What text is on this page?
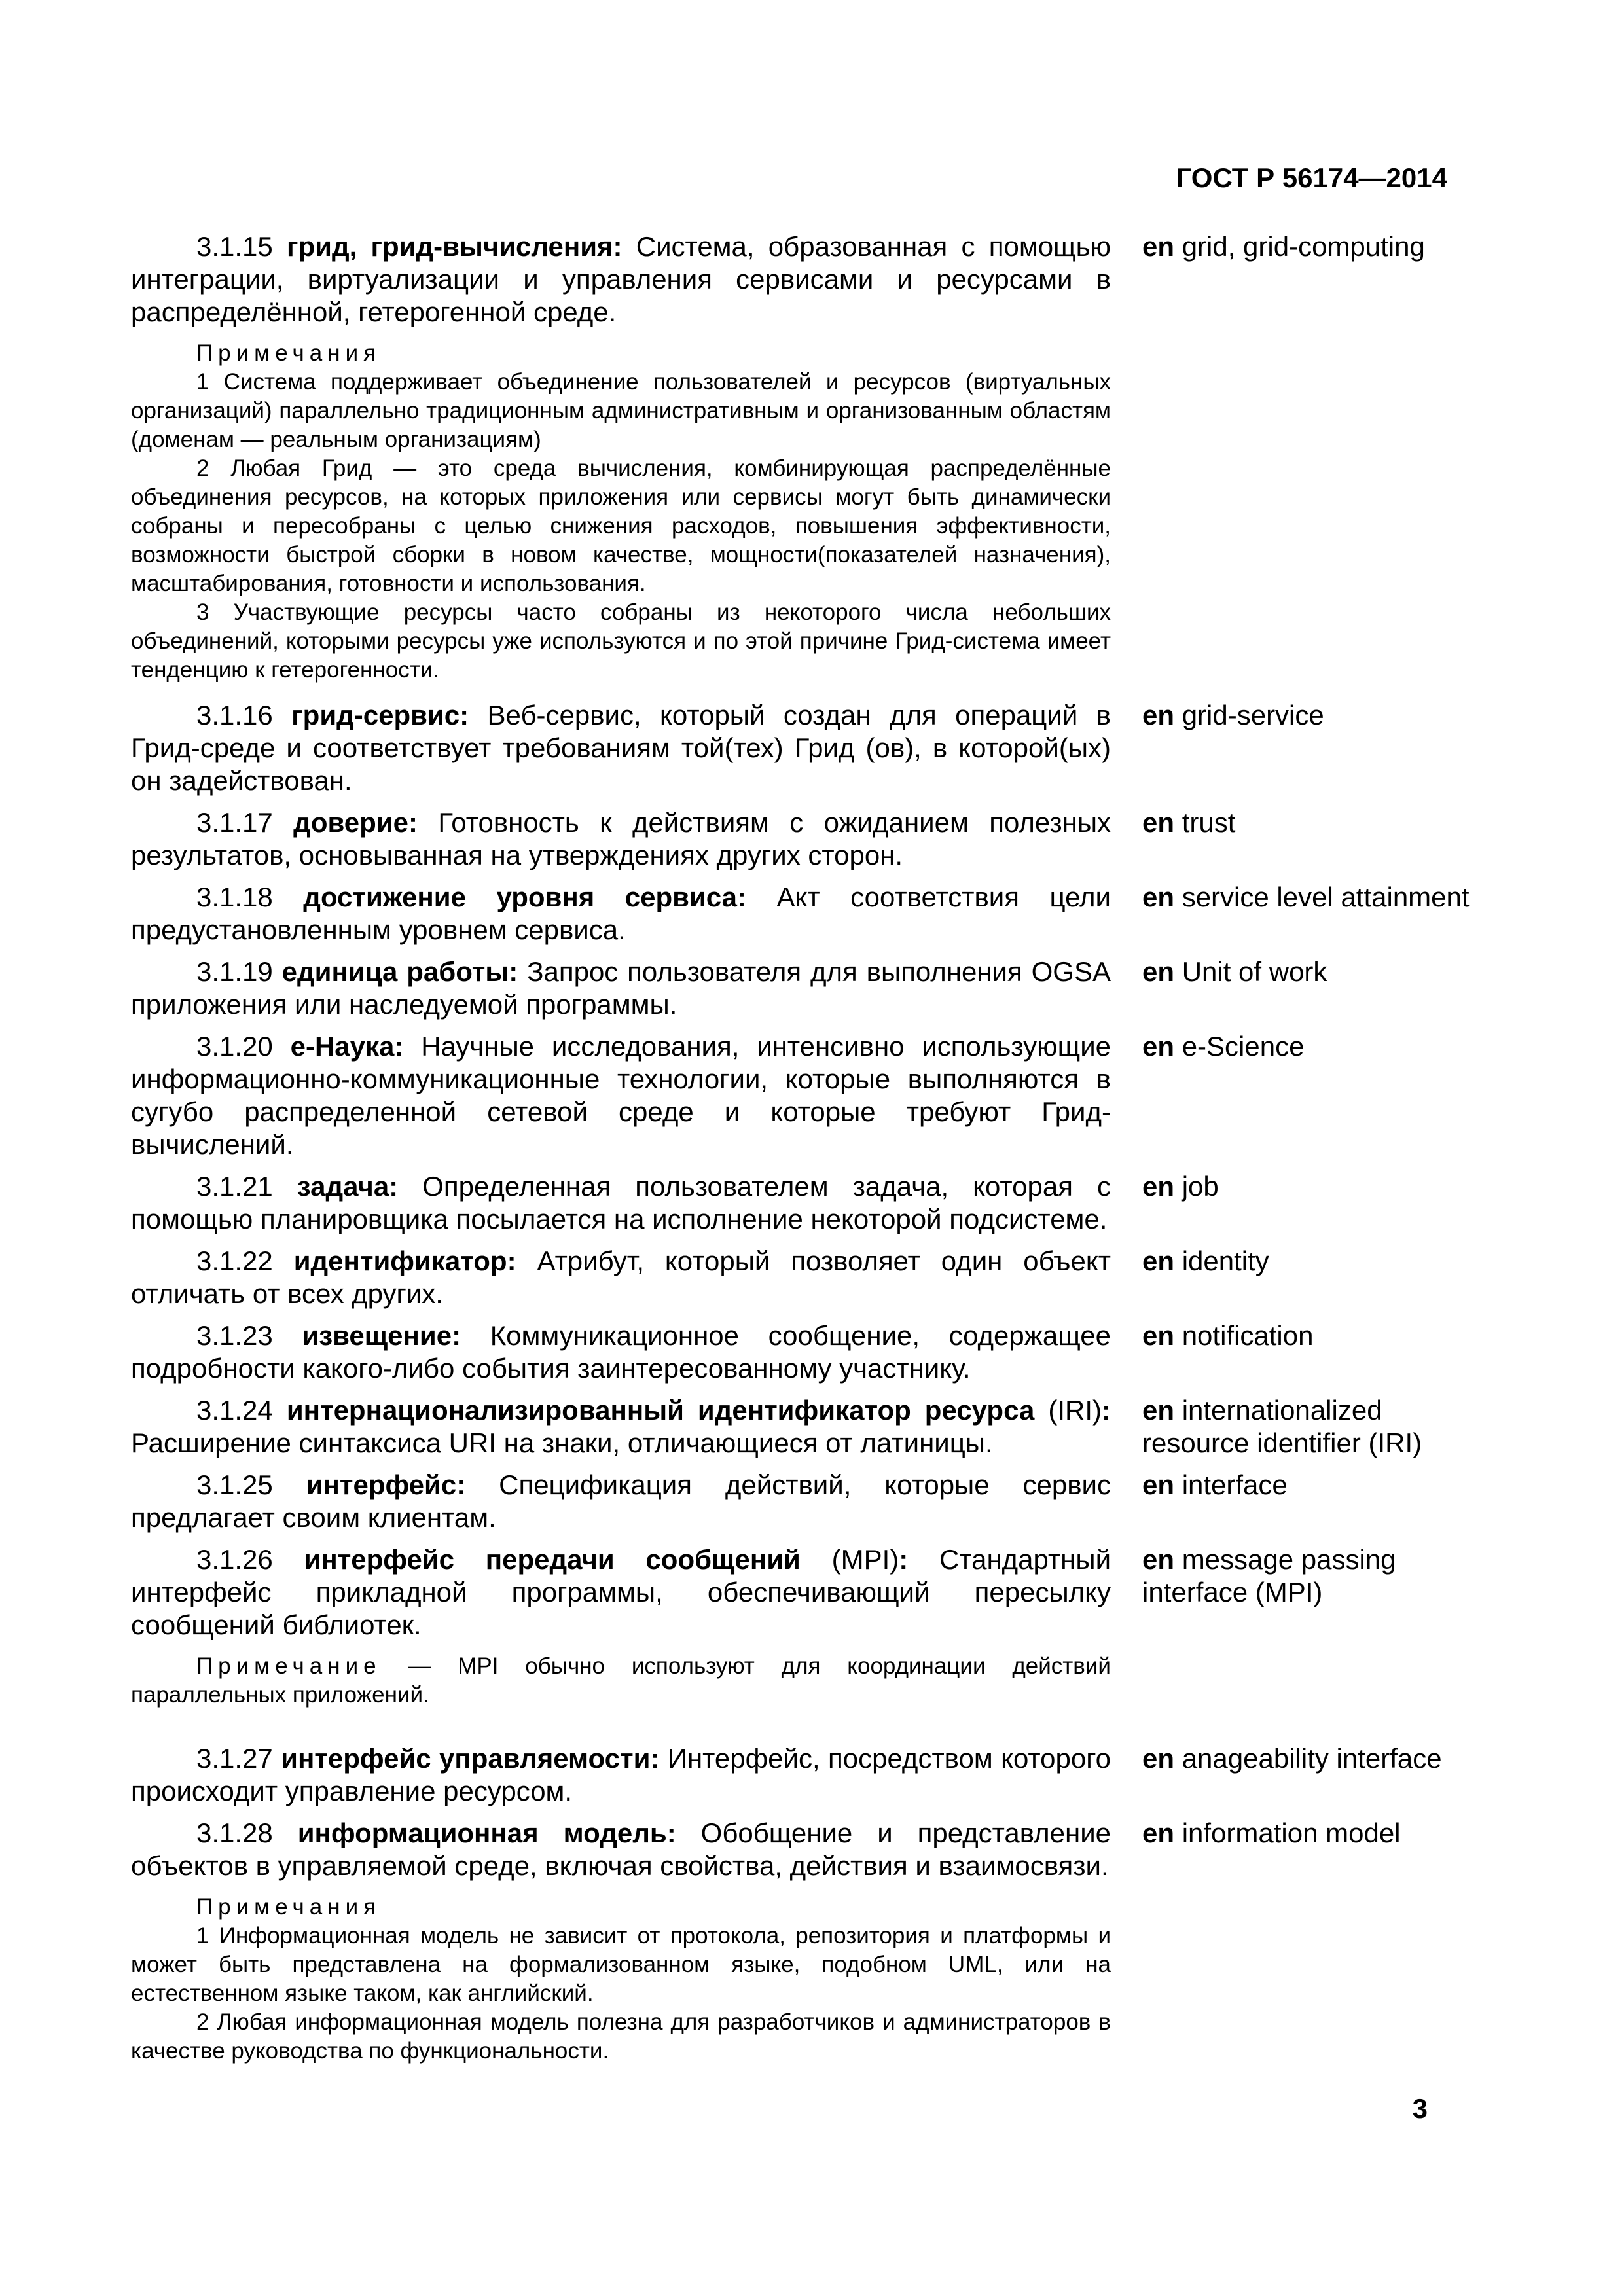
ГОСТ Р 56174—2014
3.1.15 грид, грид-вычисления: Система, образованная с помощью интеграции, виртуализации и управления сервисами и ресурсами в распределённой, гетерогенной среде.
en grid, grid-computing

Примечания

1 Система поддерживает объединение пользователей и ресурсов (виртуальных организаций) параллельно традиционным административным и организованным областям (доменам — реальным организациям)

2 Любая Грид — это среда вычисления, комбинирующая распределённые объединения ресурсов, на которых приложения или сервисы могут быть динамически собраны и пересобраны с целью снижения расходов, повышения эффективности, возможности быстрой сборки в новом качестве, мощности(показателей назначения), масштабирования, готовности и использования.

3 Участвующие ресурсы часто собраны из некоторого числа небольших объединений, которыми ресурсы уже используются и по этой причине Грид-система имеет тенденцию к гетерогенности.

3.1.16 грид-сервис: Веб-сервис, который создан для операций в Грид-среде и соответствует требованиям той(тех) Грид (ов), в которой(ых) он задействован.
en grid-service
3.1.17 доверие: Готовность к действиям с ожиданием полезных результатов, основываннaя на утверждениях других сторон.
en trust
3.1.18 достижение уровня сервиса: Акт соответствия цели предустановленным уровнем сервиса.
en service level attainment
3.1.19 единица работы: Запрос пользователя для выполнения OGSA приложения или наследуемой программы.
en Unit of work
3.1.20 e-Наука: Научные исследования, интенсивно использующие информационно-коммуникационные технологии, которые выполняются в сугубо распределенной сетевой среде и которые требуют Грид-вычислений.
en e-Science
3.1.21 задача: Определенная пользователем задача, которая с помощью планировщика посылается на исполнение некоторой подсистеме.
en job
3.1.22 идентификатор: Атрибут, который позволяет один объект отличать от всех других.
en identity
3.1.23 извещение: Коммуникационное сообщение, содержащее подробности какого-либо события заинтересованному участнику.
en notification
3.1.24 интернационализированный идентификатор ресурса (IRI): Расширение синтаксиса URI на знаки, отличающиеся от латиницы.
en internationalized resource identifier (IRI)
3.1.25 интерфейс: Спецификация действий, которые сервис предлагает своим клиентам.
en interface
3.1.26 интерфейс передачи сообщений (MPI): Стандартный интерфейс прикладной программы, обеспечивающий пересылку сообщений библиотек.
en message passing interface (MPI)

Примечание — MPI обычно используют для координации действий параллельных приложений.

3.1.27 интерфейс управляемости: Интерфейс, посредством которого происходит управление ресурсом.
en anageability interface
3.1.28 информационная модель: Обобщение и представление объектов в управляемой среде, включая свойства, действия и взаимосвязи.
en information model

Примечания

1 Информационная модель не зависит от протокола, репозитория и платформы и может быть представлена на формализованном языке, подобном UML, или на естественном языке таком, как английский.

2 Любая информационная модель полезна для разработчиков и администраторов в качестве руководства по функциональности.

3
